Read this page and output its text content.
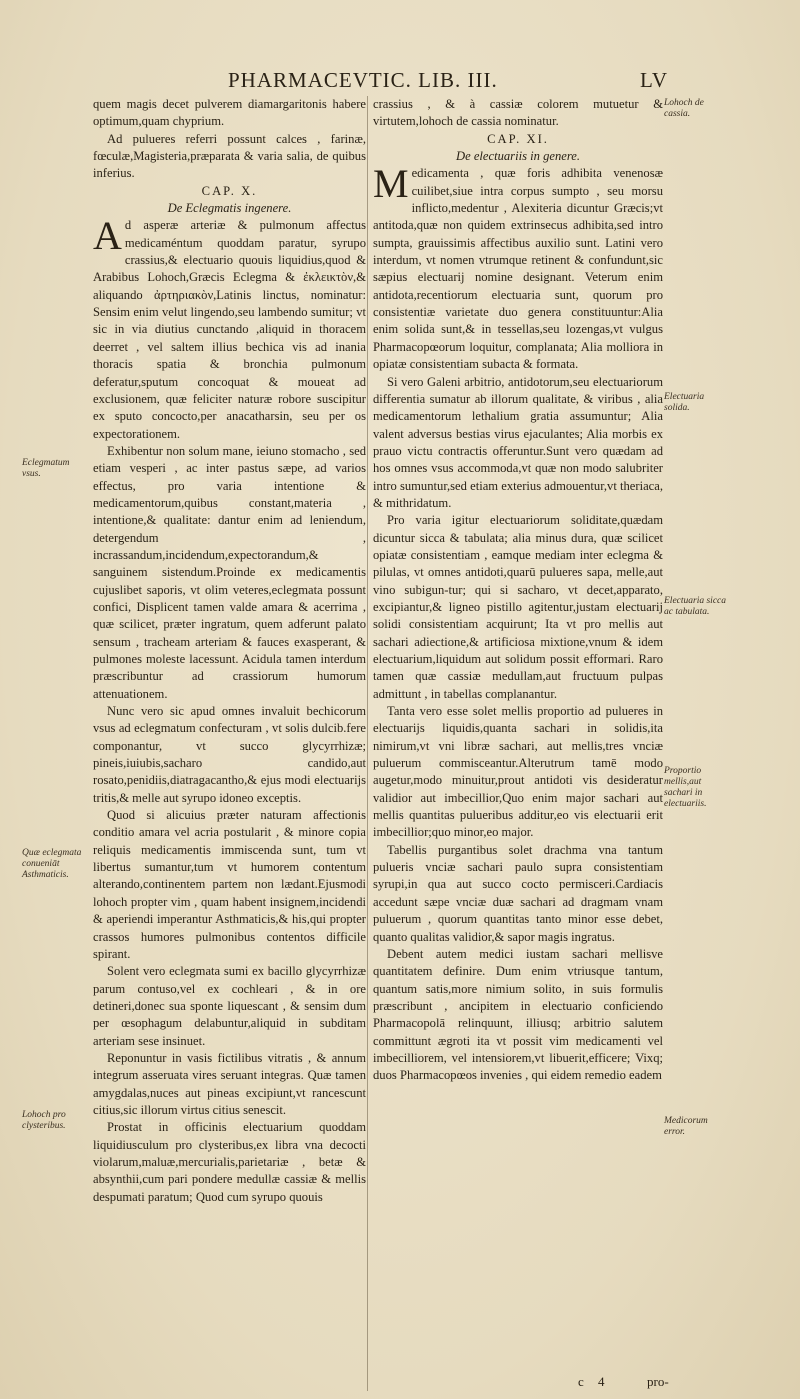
PHARMACEVTIC. LIB. III.	LV

quem magis decet pulverem diamargaritonis habere optimum,quam chyprium.

Ad pulueres referri possunt calces , farinæ, fœculæ,Magisteria,præparata & varia salia, de quibus inferius.

CAP. X.

De Eclegmatis ingenere.

Ad asperæ arteriæ & pulmonum affectus medicaméntum quoddam paratur, syrupo crassius,& electuario quouis liquidius,quod & Arabibus Lohoch,Græcis Eclegma & ἐκλεικτὸν,& aliquando ἀρτηριακὸν,Latinis linctus, nominatur: Sensim enim velut lingendo,seu lambendo sumitur; vt sic in via diutius cunctando ,aliquid in thoracem deerret , vel saltem illius bechica vis ad inania thoracis spatia & bronchia pulmonum deferatur,sputum concoquat & moueat ad exclusionem, quæ feliciter naturæ robore suscipitur ex sputo concocto,per anacatharsin, seu per os expectorationem.

Exhibentur non solum mane, ieiuno stomacho , sed etiam vesperi , ac inter pastus sæpe, ad varios effectus, pro varia intentione & medicamentorum,quibus constant,materia , intentione,& qualitate: dantur enim ad leniendum, detergendum , incrassandum,incidendum,expectorandum,& sanguinem sistendum.Proinde ex medicamentis cujuslibet saporis, vt olim veteres,eclegmata possunt confici, Displicent tamen valde amara & acerrima , quæ scilicet, præter ingratum, quem adferunt palato sensum , tracheam arteriam & fauces exasperant, & pulmones moleste lacessunt. Acidula tamen interdum præscribuntur ad crassiorum humorum attenuationem.

Nunc vero sic apud omnes invaluit bechicorum vsus ad eclegmatum confecturam , vt solis dulcib.fere componantur, vt succo glycyrrhizæ; pineis,iuiubis,sacharo candido,aut rosato,penidiis,diatragacantho,& ejus modi electuarijs tritis,& melle aut syrupo idoneo exceptis.

Quod si alicuius præter naturam affectionis conditio amara vel acria postularit , & minore copia reliquis medicamentis immiscenda sunt, tum vt libertus sumantur,tum vt humorem contentum alterando,continentem partem non lædant.Ejusmodi lohoch propter vim , quam habent insignem,incidendi & aperiendi imperantur Asthmaticis,& his,qui propter crassos humores pulmonibus contentos difficile spirant.

Solent vero eclegmata sumi ex bacillo glycyrrhizæ parum contuso,vel ex cochleari , & in ore detineri,donec sua sponte liquescant , & sensim dum per œsophagum delabuntur,aliquid in subditam arteriam sese insinuet.

Reponuntur in vasis fictilibus vitratis , & annum integrum asseruata vires seruant integras. Quæ tamen amygdalas,nuces aut pineas excipiunt,vt rancescunt citius,sic illorum virtus citius senescit.

Prostat in officinis electuarium quoddam liquidiusculum pro clysteribus,ex libra vna decocti violarum,maluæ,mercurialis,parietariæ , betæ & absynthii,cum pari pondere medullæ cassiæ & mellis despumati paratum; Quod cum syrupo quouis

crassius , & à cassiæ colorem mutuetur & virtutem,lohoch de cassia nominatur.

CAP. XI.

De electuariis in genere.

Medicamenta , quæ foris adhibita venenosæ cuilibet,siue intra corpus sumpto , seu morsu inflicto,medentur , Alexiteria dicuntur Græcis;vt antitoda,quæ non quidem extrinsecus adhibita,sed intro sumpta, grauissimis affectibus auxilio sunt. Latini vero interdum, vt nomen vtrumque retinent & confundunt,sic sæpius electuarij nomine designant. Veterum enim antidota,recentiorum electuaria sunt, quorum pro consistentiæ varietate duo genera constituuntur:Alia enim solida sunt,& in tessellas,seu lozengas,vt vulgus Pharmacopœorum loquitur, complanata; Alia molliora in opiatæ consistentiam subacta & formata.

Si vero Galeni arbitrio, antidotorum,seu electuariorum differentia sumatur ab illorum qualitate, & viribus , alia medicamentorum lethalium gratia assumuntur; Alia valent adversus bestias virus ejaculantes; Alia morbis ex prauo victu contractis offeruntur.Sunt vero quædam ad hos omnes vsus accommoda,vt quæ non modo salubriter intro sumuntur,sed etiam exterius admouentur,vt theriaca, & mithridatum.

Pro varia igitur electuariorum soliditate,quædam dicuntur sicca & tabulata; alia minus dura, quæ scilicet opiatæ consistentiam , eamque mediam inter eclegma & pilulas, vt omnes antidoti,quarū pulueres sapa, melle,aut vino subigun-tur; qui si sacharo, vt decet,apparato, excipiantur,& ligneo pistillo agitentur,justam electuarij solidi consistentiam acquirunt; Ita vt pro mellis aut sachari adiectione,& artificiosa mixtione,vnum & idem electuarium,liquidum aut solidum possit efformari. Raro tamen quæ cassiæ medullam,aut fructuum pulpas admittunt , in tabellas complanantur.

Tanta vero esse solet mellis proportio ad pulueres in electuarijs liquidis,quanta sachari in solidis,ita nimirum,vt vni libræ sachari, aut mellis,tres vnciæ puluerum commisceantur.Alterutrum tamē modo augetur,modo minuitur,prout antidoti vis desideratur validior aut imbecillior,Quo enim major sachari aut mellis quantitas pulueribus additur,eo vis electuarii erit imbecillior;quo minor,eo major.

Tabellis purgantibus solet drachma vna tantum pulueris vnciæ sachari paulo supra consistentiam syrupi,in qua aut succo cocto permisceri.Cardiacis accedunt sæpe vnciæ duæ sachari ad dragmam vnam puluerum , quorum quantitas tanto minor esse debet, quanto qualitas validior,& sapor magis ingratus.

Debent autem medici iustam sachari mellisve quantitatem definire. Dum enim vtriusque tantum, quantum satis,more nimium solito, in suis formulis præscribunt , ancipitem in electuario conficiendo Pharmacopolā relinquunt, illiusq; arbitrio salutem committunt ægroti ita vt possit vim medicamenti vel imbecilliorem, vel intensiorem,vt libuerit,efficere; Vixq; duos Pharmacopœos invenies , qui eidem remedio eadem

Eclegmatum vsus.
Quæ eclegmata conueniāt Asthmaticis.
Lohoch pro clysteribus.
Lohoch de cassia.
Electuaria solida.
Electuaria sicca ac tabulata.
Proportio mellis,aut sachari in electuariis.
Medicorum error.
c 4	pro-
